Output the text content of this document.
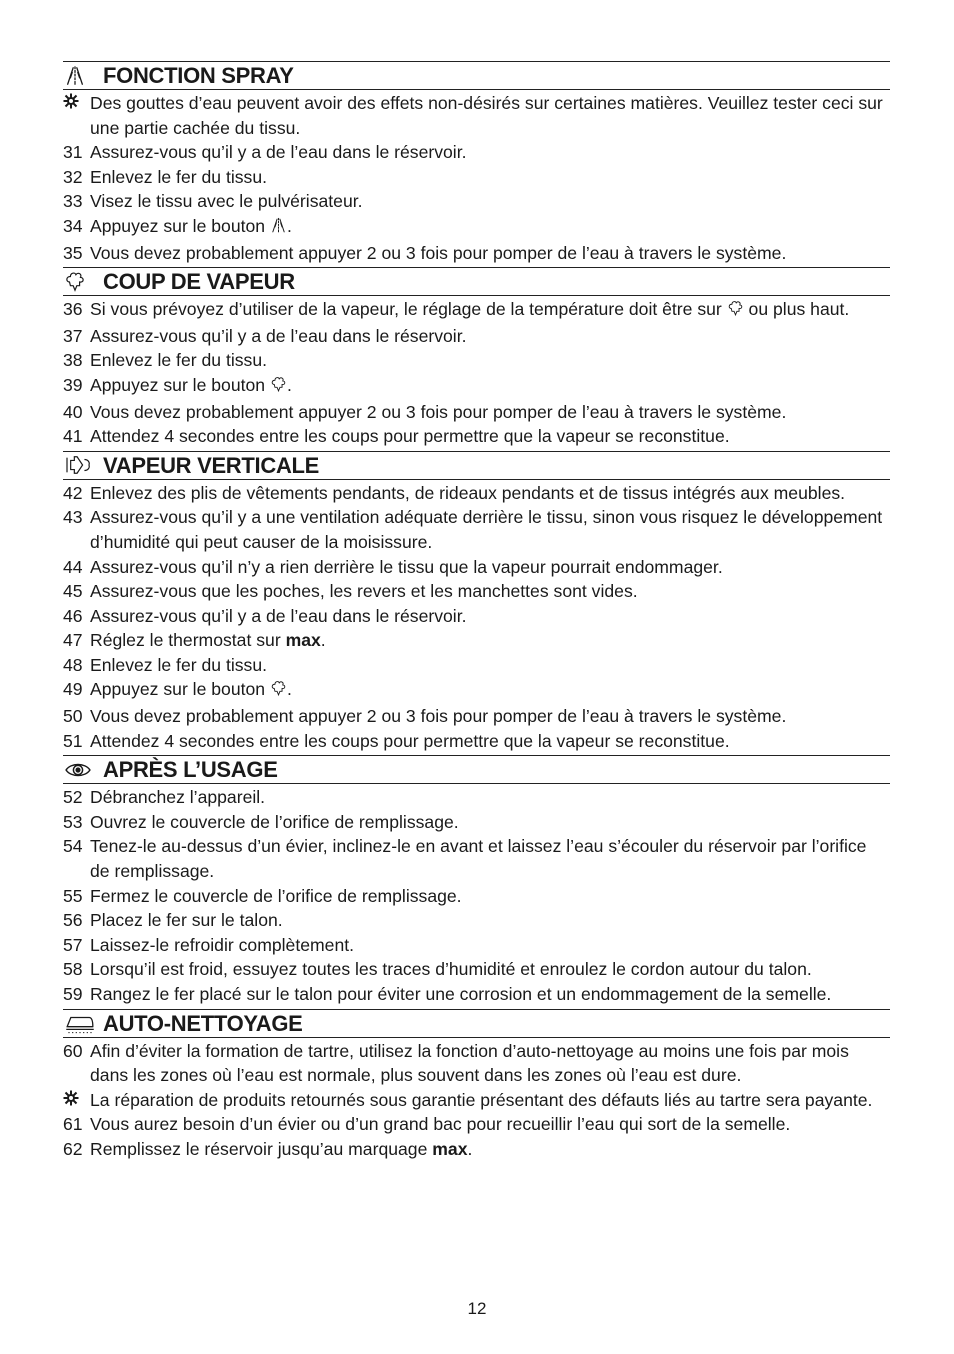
FONCTION SPRAY
Des gouttes d’eau peuvent avoir des effets non-désirés sur certaines matières. Veuillez tester ceci sur une partie cachée du tissu.
31 Assurez-vous qu’il y a de l’eau dans le réservoir.
32 Enlevez le fer du tissu.
33 Visez le tissu avec le pulvérisateur.
34 Appuyez sur le bouton .
35 Vous devez probablement appuyer 2 ou 3 fois pour pomper de l’eau à travers le système.
COUP DE VAPEUR
36 Si vous prévoyez d’utiliser de la vapeur, le réglage de la température doit être sur  ou plus haut.
37 Assurez-vous qu’il y a de l’eau dans le réservoir.
38 Enlevez le fer du tissu.
39 Appuyez sur le bouton .
40 Vous devez probablement appuyer 2 ou 3 fois pour pomper de l’eau à travers le système.
41 Attendez 4 secondes entre les coups pour permettre que la vapeur se reconstitue.
VAPEUR VERTICALE
42 Enlevez des plis de vêtements pendants, de rideaux pendants et de tissus intégrés aux meubles.
43 Assurez-vous qu’il y a une ventilation adéquate derrière le tissu, sinon vous risquez le développement d’humidité qui peut causer de la moisissure.
44 Assurez-vous qu’il n’y a rien derrière le tissu que la vapeur pourrait endommager.
45 Assurez-vous que les poches, les revers et les manchettes sont vides.
46 Assurez-vous qu’il y a de l’eau dans le réservoir.
47 Réglez le thermostat sur max.
48 Enlevez le fer du tissu.
49 Appuyez sur le bouton .
50 Vous devez probablement appuyer 2 ou 3 fois pour pomper de l’eau à travers le système.
51 Attendez 4 secondes entre les coups pour permettre que la vapeur se reconstitue.
APRÈS L’USAGE
52 Débranchez l’appareil.
53 Ouvrez le couvercle de l’orifice de remplissage.
54 Tenez-le au-dessus d’un évier, inclinez-le en avant et laissez l’eau s’écouler du réservoir par l’orifice de remplissage.
55 Fermez le couvercle de l’orifice de remplissage.
56 Placez le fer sur le talon.
57 Laissez-le refroidir complètement.
58 Lorsqu’il est froid, essuyez toutes les traces d’humidité et enroulez le cordon autour du talon.
59 Rangez le fer placé sur le talon pour éviter une corrosion et un endommagement de la semelle.
AUTO-NETTOYAGE
60 Afin d’éviter la formation de tartre, utilisez la fonction d’auto-nettoyage au moins une fois par mois dans les zones où l’eau est normale, plus souvent dans les zones où l’eau est dure.
La réparation de produits retournés sous garantie présentant des défauts liés au tartre sera payante.
61 Vous aurez besoin d’un évier ou d’un grand bac pour recueillir l’eau qui sort de la semelle.
62 Remplissez le réservoir jusqu’au marquage max.
12
